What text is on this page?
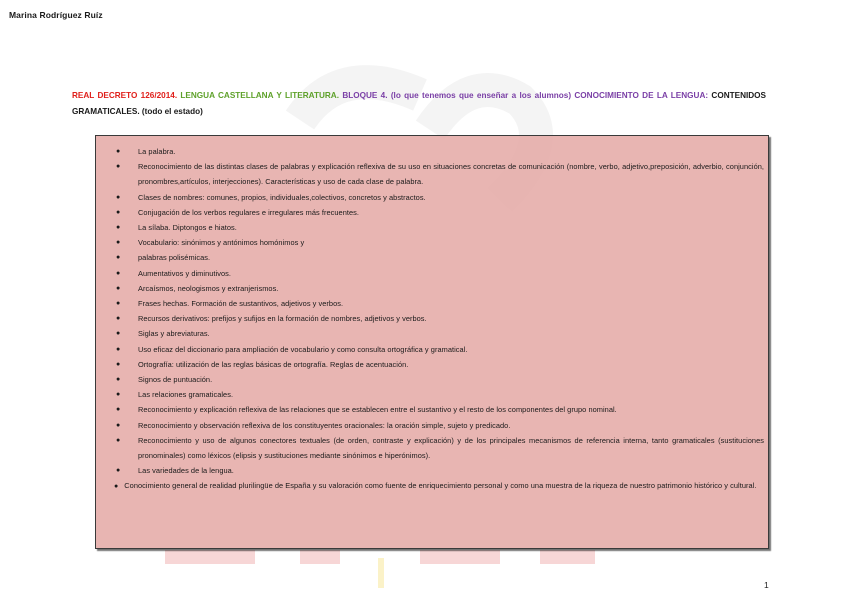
Marina Rodríguez Ruíz
REAL DECRETO 126/2014. LENGUA CASTELLANA Y LITERATURA. BLOQUE 4. (lo que tenemos que enseñar a los alumnos) CONOCIMIENTO DE LA LENGUA: CONTENIDOS GRAMATICALES. (todo el estado)
● La palabra.
● Reconocimiento de las distintas clases de palabras y explicación reflexiva de su uso en situaciones concretas de comunicación (nombre, verbo, adjetivo,preposición, adverbio, conjunción, pronombres,artículos, interjecciones). Características y uso de cada clase de palabra.
● Clases de nombres: comunes, propios, individuales,colectivos, concretos y abstractos.
● Conjugación de los verbos regulares e irregulares más frecuentes.
● La sílaba. Diptongos e hiatos.
● Vocabulario: sinónimos y antónimos homónimos y
● palabras polisémicas.
● Aumentativos y diminutivos.
● Arcaísmos, neologismos y extranjerismos.
● Frases hechas. Formación de sustantivos, adjetivos y verbos.
● Recursos derivativos: prefijos y sufijos en la formación de nombres, adjetivos y verbos.
● Siglas y abreviaturas.
● Uso eficaz del diccionario para ampliación de vocabulario y como consulta ortográfica y gramatical.
● Ortografía: utilización de las reglas básicas de ortografía. Reglas de acentuación.
● Signos de puntuación.
● Las relaciones gramaticales.
● Reconocimiento y explicación reflexiva de las relaciones que se establecen entre el sustantivo y el resto de los componentes del grupo nominal.
● Reconocimiento y observación reflexiva de los constituyentes oracionales: la oración simple, sujeto y predicado.
● Reconocimiento y uso de algunos conectores textuales (de orden, contraste y explicación) y de los principales mecanismos de referencia interna, tanto gramaticales (sustituciones pronominales) como léxicos (elipsis y sustituciones mediante sinónimos e hiperónimos).
● Las variedades de la lengua.
● Conocimiento general de realidad plurilingüe de España y su valoración como fuente de enriquecimiento personal y como una muestra de la riqueza de nuestro patrimonio histórico y cultural.
1
